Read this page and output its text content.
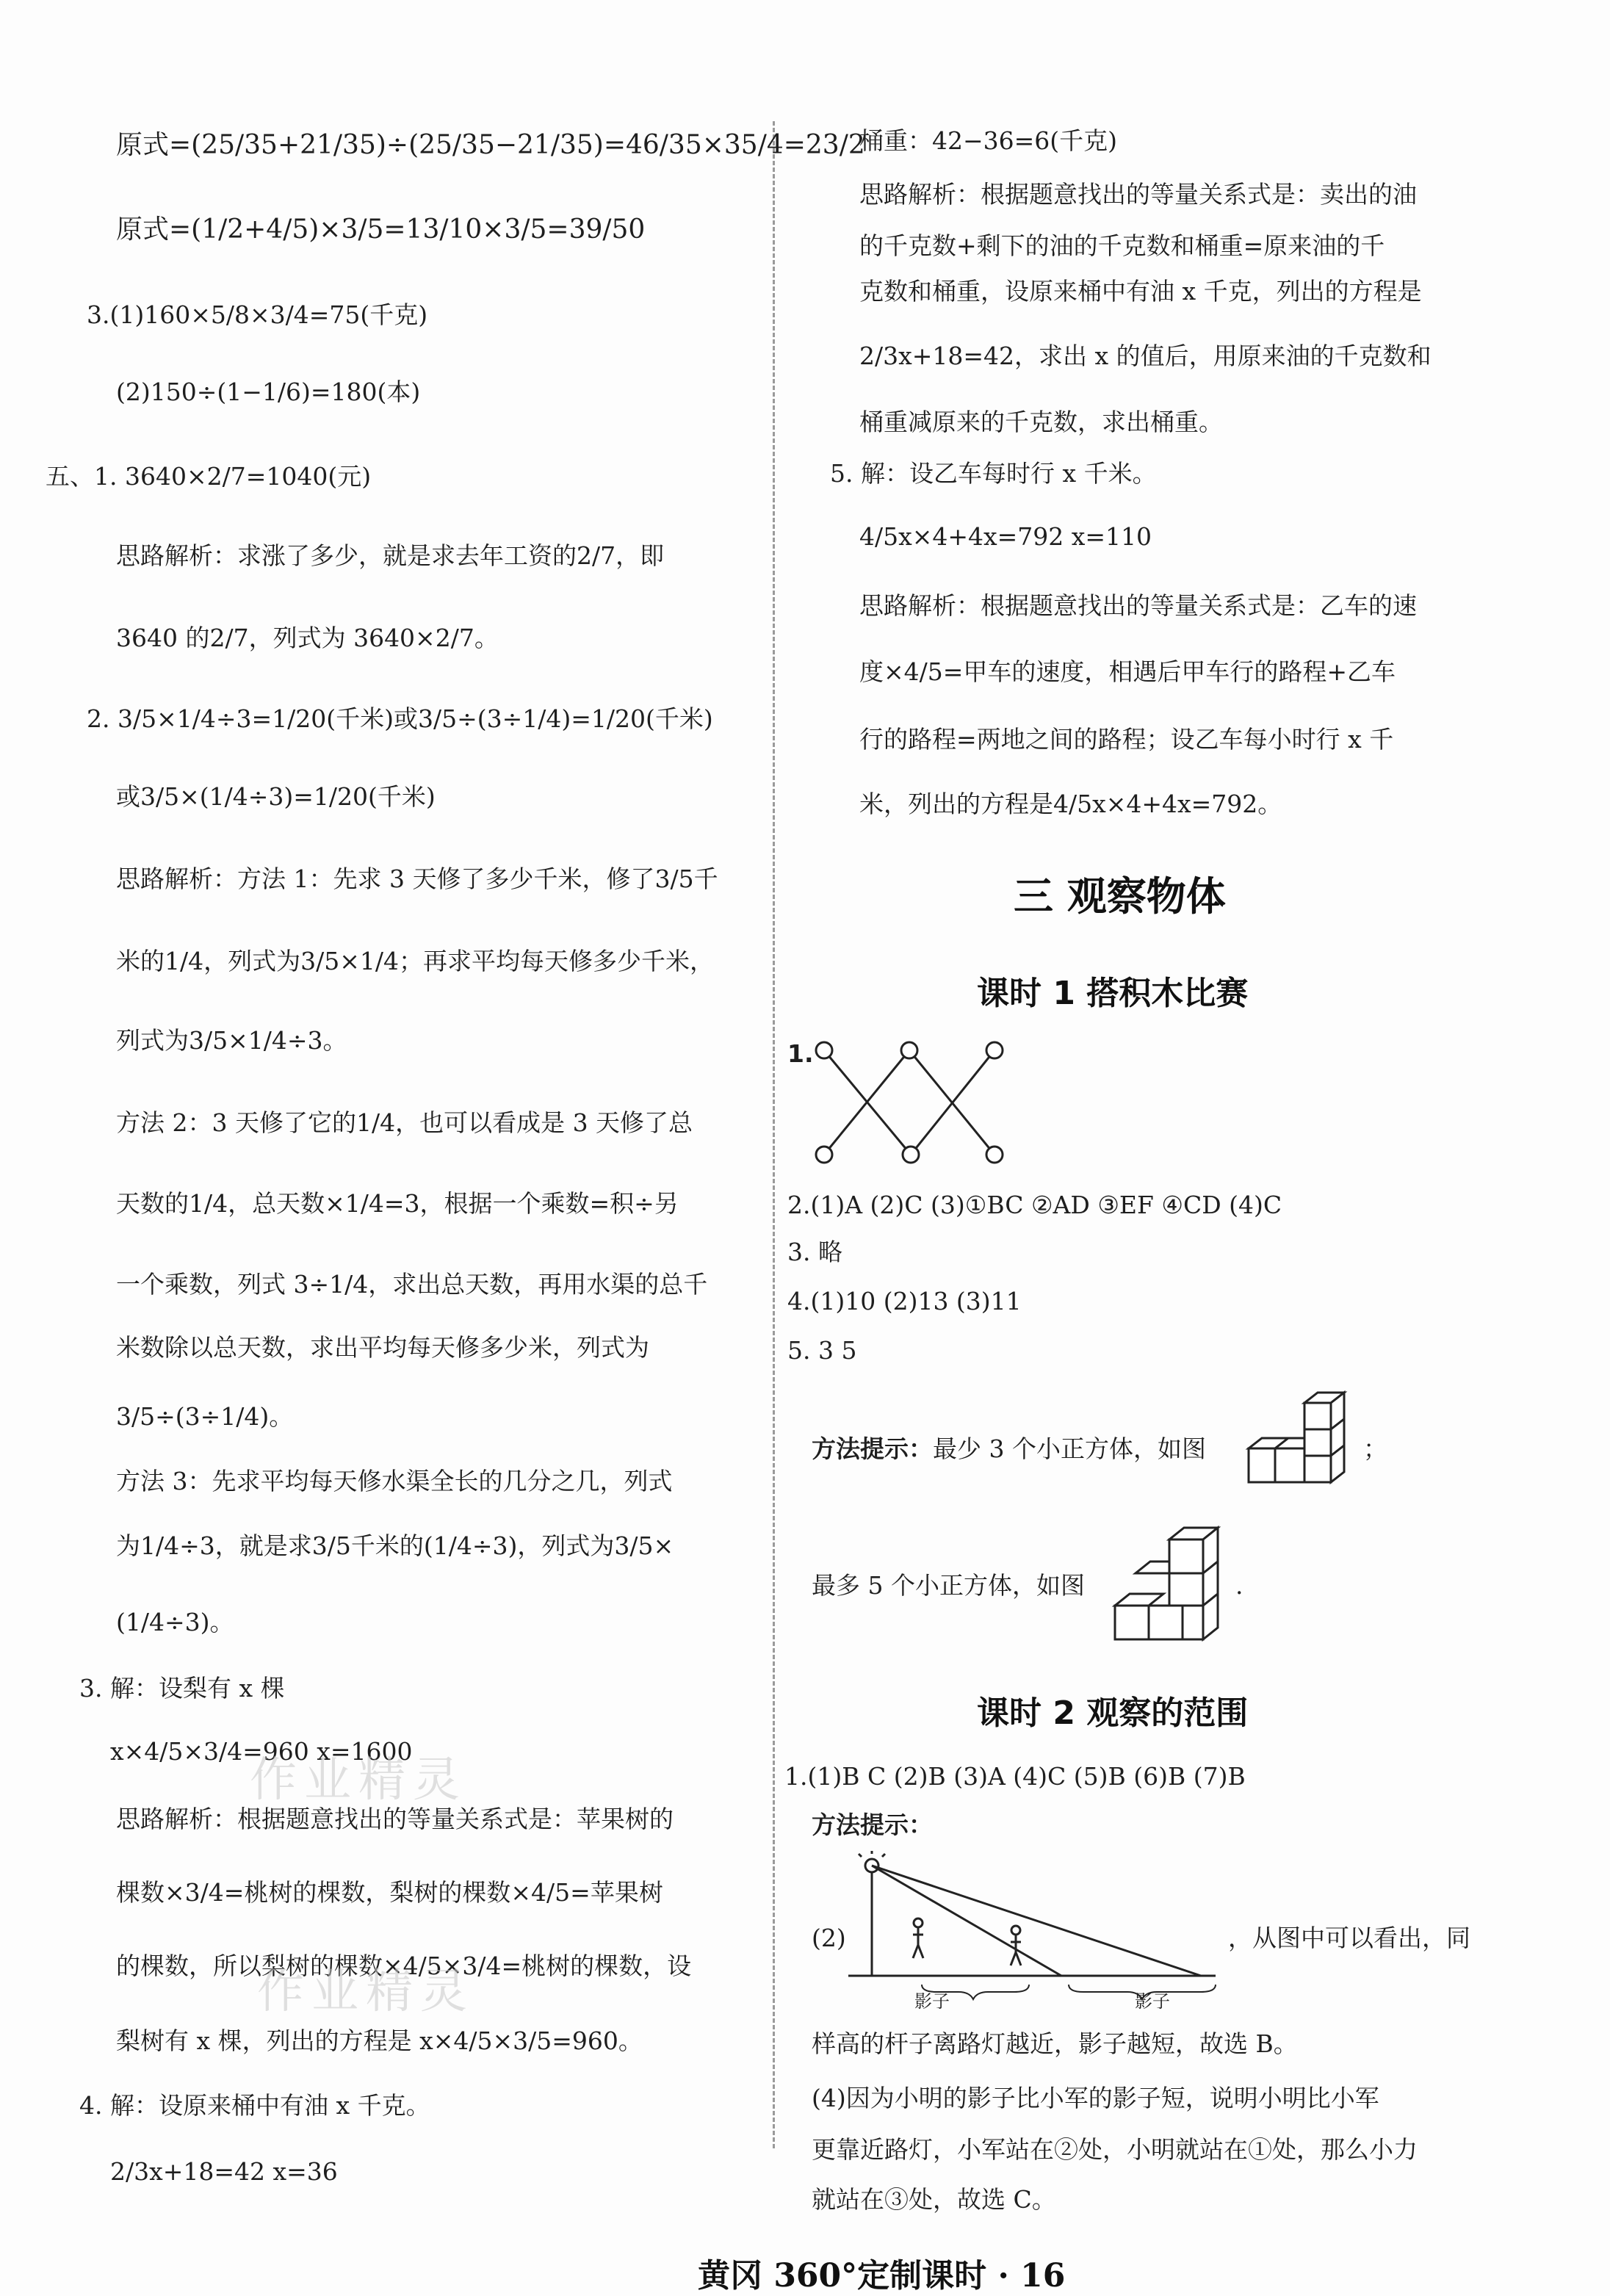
原式=(25/35+21/35)÷(25/35−21/35)=46/35×35/4=23/2
原式=(1/2+4/5)×3/5=13/10×3/5=39/50
3.(1)160×5/8×3/4=75(千克)
(2)150÷(1−1/6)=180(本)
五、1. 3640×2/7=1040(元)
思路解析：求涨了多少，就是求去年工资的2/7，即
3640 的2/7，列式为 3640×2/7。
2. 3/5×1/4÷3=1/20(千米)或3/5÷(3÷1/4)=1/20(千米)
或3/5×(1/4÷3)=1/20(千米)
思路解析：方法 1：先求 3 天修了多少千米，修了3/5千
米的1/4，列式为3/5×1/4；再求平均每天修多少千米，
列式为3/5×1/4÷3。
方法 2：3 天修了它的1/4，也可以看成是 3 天修了总
天数的1/4，总天数×1/4=3，根据一个乘数=积÷另
一个乘数，列式 3÷1/4，求出总天数，再用水渠的总千
米数除以总天数，求出平均每天修多少米，列式为
3/5÷(3÷1/4)。
方法 3：先求平均每天修水渠全长的几分之几，列式
为1/4÷3，就是求3/5千米的(1/4÷3)，列式为3/5×
(1/4÷3)。
3. 解：设梨有 x 棵
x×4/5×3/4=960 x=1600
思路解析：根据题意找出的等量关系式是：苹果树的
棵数×3/4=桃树的棵数，梨树的棵数×4/5=苹果树
的棵数，所以梨树的棵数×4/5×3/4=桃树的棵数，设
梨树有 x 棵，列出的方程是 x×4/5×3/5=960。
4. 解：设原来桶中有油 x 千克。
2/3x+18=42 x=36
桶重：42−36=6(千克)
思路解析：根据题意找出的等量关系式是：卖出的油
的千克数+剩下的油的千克数和桶重=原来油的千
克数和桶重，设原来桶中有油 x 千克，列出的方程是
2/3x+18=42，求出 x 的值后，用原来油的千克数和
桶重减原来的千克数，求出桶重。
5. 解：设乙车每时行 x 千米。
4/5x×4+4x=792 x=110
思路解析：根据题意找出的等量关系式是：乙车的速
度×4/5=甲车的速度，相遇后甲车行的路程+乙车
行的路程=两地之间的路程；设乙车每小时行 x 千
米，列出的方程是4/5x×4+4x=792。
三 观察物体
课时 1 搭积木比赛
1.
2.(1)A (2)C (3)①BC ②AD ③EF ④CD (4)C
3. 略
4.(1)10 (2)13 (3)11
5. 3 5
方法提示：最少 3 个小正方体，如图	；
最多 5 个小正方体，如图	.
课时 2 观察的范围
1.(1)B C (2)B (3)A (4)C (5)B (6)B (7)B
方法提示：
(2)
影子	影子
，从图中可以看出，同
样高的杆子离路灯越近，影子越短，故选 B。
(4)因为小明的影子比小军的影子短，说明小明比小军
更靠近路灯，小军站在②处，小明就站在①处，那么小力
就站在③处，故选 C。
作业精灵
作业精灵
黄冈 360°定制课时 · 16
